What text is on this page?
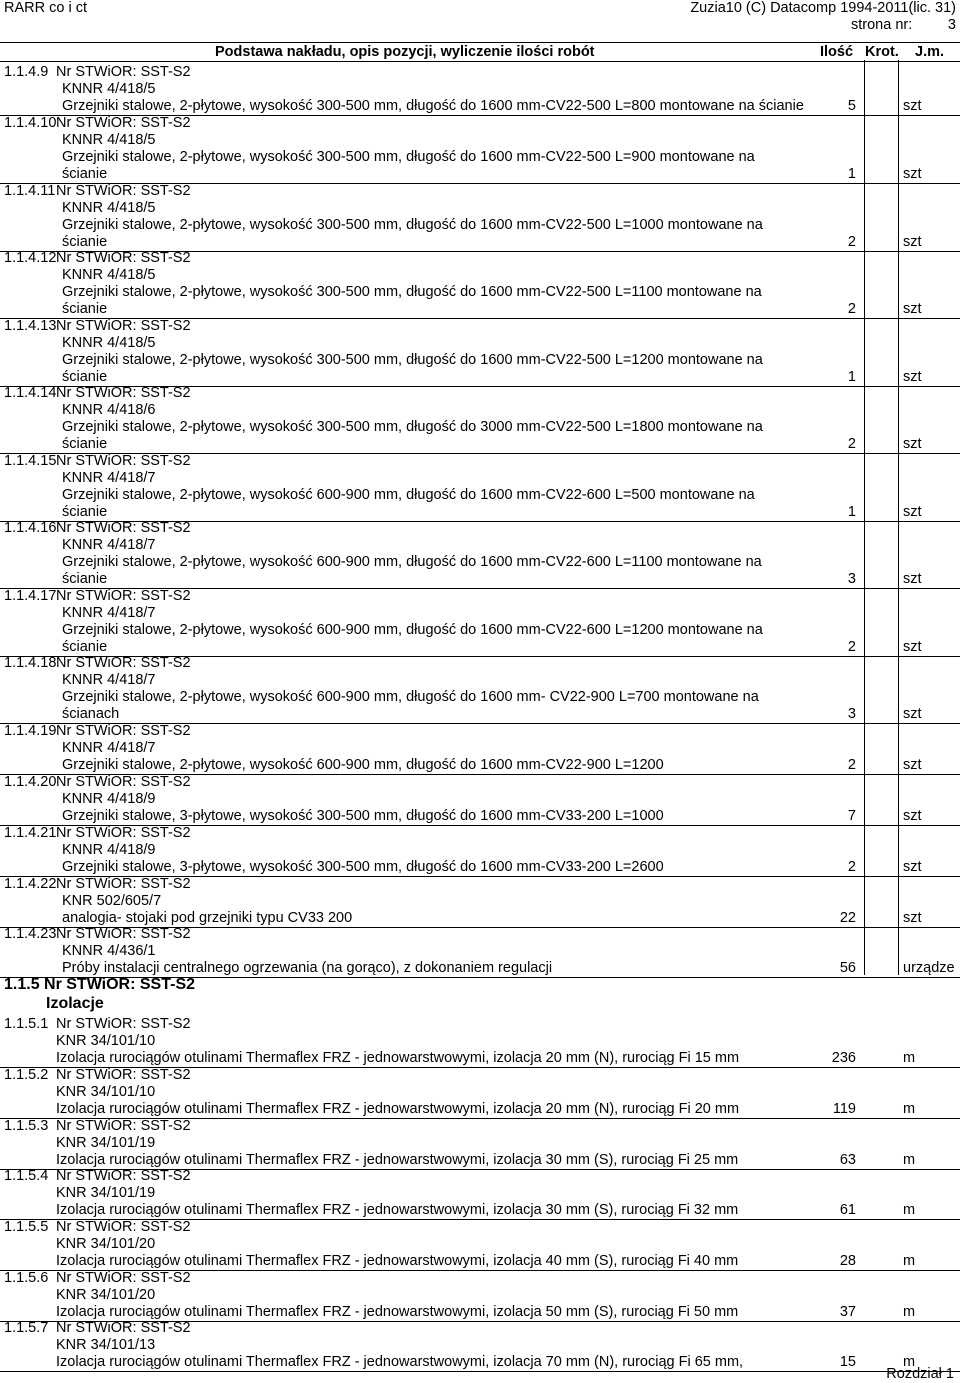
RARR co i ct	Zuzia10 (C) Datacomp 1994-2011(lic. 31)
strona nr: 3
Podstawa nakładu, opis pozycji, wyliczenie ilości robót	Ilość Krot. J.m.
1.1.4.9 Nr STWiOR: SST-S2
KNNR 4/418/5
Grzejniki stalowe, 2-płytowe, wysokość 300-500 mm, długość do 1600 mm-CV22-500 L=800 montowane na ścianie	5	szt
1.1.4.10 Nr STWiOR: SST-S2
KNNR 4/418/5
Grzejniki stalowe, 2-płytowe, wysokość 300-500 mm, długość do 1600 mm-CV22-500 L=900 montowane na
ścianie	1	szt
1.1.4.11 Nr STWiOR: SST-S2
KNNR 4/418/5
Grzejniki stalowe, 2-płytowe, wysokość 300-500 mm, długość do 1600 mm-CV22-500 L=1000 montowane na
ścianie	2	szt
1.1.4.12 Nr STWiOR: SST-S2
KNNR 4/418/5
Grzejniki stalowe, 2-płytowe, wysokość 300-500 mm, długość do 1600 mm-CV22-500 L=1100 montowane na
ścianie	2	szt
1.1.4.13 Nr STWiOR: SST-S2
KNNR 4/418/5
Grzejniki stalowe, 2-płytowe, wysokość 300-500 mm, długość do 1600 mm-CV22-500 L=1200 montowane na
ścianie	1	szt
1.1.4.14 Nr STWiOR: SST-S2
KNNR 4/418/6
Grzejniki stalowe, 2-płytowe, wysokość 300-500 mm, długość do 3000 mm-CV22-500 L=1800 montowane na
ścianie	2	szt
1.1.4.15 Nr STWiOR: SST-S2
KNNR 4/418/7
Grzejniki stalowe, 2-płytowe, wysokość 600-900 mm, długość do 1600 mm-CV22-600 L=500 montowane na
ścianie	1	szt
1.1.4.16 Nr STWiOR: SST-S2
KNNR 4/418/7
Grzejniki stalowe, 2-płytowe, wysokość 600-900 mm, długość do 1600 mm-CV22-600 L=1100 montowane na
ścianie	3	szt
1.1.4.17 Nr STWiOR: SST-S2
KNNR 4/418/7
Grzejniki stalowe, 2-płytowe, wysokość 600-900 mm, długość do 1600 mm-CV22-600 L=1200 montowane na
ścianie	2	szt
1.1.4.18 Nr STWiOR: SST-S2
KNNR 4/418/7
Grzejniki stalowe, 2-płytowe, wysokość 600-900 mm, długość do 1600 mm- CV22-900 L=700 montowane na
ścianach	3	szt
1.1.4.19 Nr STWiOR: SST-S2
KNNR 4/418/7
Grzejniki stalowe, 2-płytowe, wysokość 600-900 mm, długość do 1600 mm-CV22-900 L=1200	2	szt
1.1.4.20 Nr STWiOR: SST-S2
KNNR 4/418/9
Grzejniki stalowe, 3-płytowe, wysokość 300-500 mm, długość do 1600 mm-CV33-200 L=1000	7	szt
1.1.4.21 Nr STWiOR: SST-S2
KNNR 4/418/9
Grzejniki stalowe, 3-płytowe, wysokość 300-500 mm, długość do 1600 mm-CV33-200 L=2600	2	szt
1.1.4.22 Nr STWiOR: SST-S2
KNR 502/605/7
analogia- stojaki pod grzejniki typu CV33 200	22	szt
1.1.4.23 Nr STWiOR: SST-S2
KNNR 4/436/1
Próby instalacji centralnego ogrzewania (na gorąco), z dokonaniem regulacji	56	urządze
1.1.5 Nr STWiOR: SST-S2
Izolacje
1.1.5.1 Nr STWiOR: SST-S2
KNR 34/101/10
Izolacja rurociągów otulinami Thermaflex FRZ - jednowarstwowymi, izolacja 20 mm (N), rurociąg Fi 15 mm	236	m
1.1.5.2 Nr STWiOR: SST-S2
KNR 34/101/10
Izolacja rurociągów otulinami Thermaflex FRZ - jednowarstwowymi, izolacja 20 mm (N), rurociąg Fi 20 mm	119	m
1.1.5.3 Nr STWiOR: SST-S2
KNR 34/101/19
Izolacja rurociągów otulinami Thermaflex FRZ - jednowarstwowymi, izolacja 30 mm (S), rurociąg Fi 25 mm	63	m
1.1.5.4 Nr STWiOR: SST-S2
KNR 34/101/19
Izolacja rurociągów otulinami Thermaflex FRZ - jednowarstwowymi, izolacja 30 mm (S), rurociąg Fi 32 mm	61	m
1.1.5.5 Nr STWiOR: SST-S2
KNR 34/101/20
Izolacja rurociągów otulinami Thermaflex FRZ - jednowarstwowymi, izolacja 40 mm (S), rurociąg Fi 40 mm	28	m
1.1.5.6 Nr STWiOR: SST-S2
KNR 34/101/20
Izolacja rurociągów otulinami Thermaflex FRZ - jednowarstwowymi, izolacja 50 mm (S), rurociąg Fi 50 mm	37	m
1.1.5.7 Nr STWiOR: SST-S2
KNR 34/101/13
Izolacja rurociągów otulinami Thermaflex FRZ - jednowarstwowymi, izolacja 70 mm (N), rurociąg Fi 65 mm,	15	m
Rozdział 1
